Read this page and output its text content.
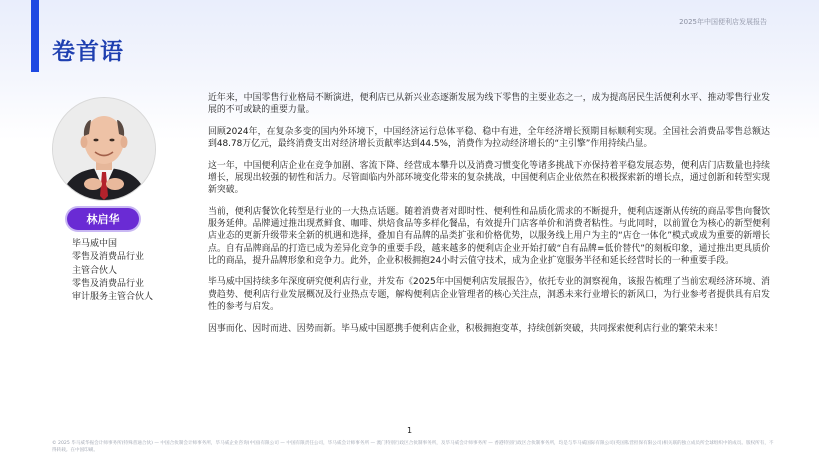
2025年中国便利店发展报告
卷首语
林启华
毕马威中国
零售及消费品行业
主管合伙人
零售及消费品行业
审计服务主管合伙人

近年来，中国零售行业格局不断演进，便利店已从新兴业态逐渐发展为线下零售的主要业态之一，成为提高居民生活便利水平、推动零售行业发展的不可或缺的重要力量。

回顾2024年，在复杂多变的国内外环境下，中国经济运行总体平稳、稳中有进，全年经济增长预期目标顺利实现。全国社会消费品零售总额达到48.78万亿元，最终消费支出对经济增长贡献率达到44.5%，消费作为拉动经济增长的“主引擎”作用持续凸显。

这一年，中国便利店企业在竞争加剧、客流下降、经营成本攀升以及消费习惯变化等诸多挑战下亦保持着平稳发展态势，便利店门店数量也持续增长，展现出较强的韧性和活力。尽管面临内外部环境变化带来的复杂挑战，中国便利店企业依然在积极探索新的增长点，通过创新和转型实现新突破。

当前，便利店餐饮化转型是行业的一大热点话题。随着消费者对即时性、便利性和品质化需求的不断提升，便利店逐渐从传统的商品零售向餐饮服务延伸。品牌通过推出现煮鲜食、咖啡、烘焙食品等多样化餐品，有效提升门店客单价和消费者粘性。与此同时，以前置仓为核心的新型便利店业态的更新升级带来全新的机遇和选择，叠加自有品牌的品类扩张和价格优势，以服务线上用户为主的“店仓一体化”模式或成为重要的新增长点。自有品牌商品的打造已成为差异化竞争的重要手段，越来越多的便利店企业开始打破“自有品牌=低价替代”的刻板印象，通过推出更具质价比的商品，提升品牌形象和竞争力。此外，企业积极拥抱24小时云值守技术，成为企业扩宽服务半径和延长经营时长的一种重要手段。

毕马威中国持续多年深度研究便利店行业，并发布《2025年中国便利店发展报告》，依托专业的洞察视角，该报告梳理了当前宏观经济环境、消费趋势、便利店行业发展概况及行业热点专题，解构便利店企业管理者的核心关注点，洞悉未来行业增长的新风口，为行业参考者提供具有启发性的参考与启发。

因事而化、因时而进、因势而新。毕马威中国愿携手便利店企业，积极拥抱变革，持续创新突破，共同探索便利店行业的繁荣未来！

1
© 2025 毕马威华振会计师事务所(特殊普通合伙) — 中国合伙制会计师事务所，毕马威企业咨询(中国)有限公司 — 中国有限责任公司，毕马威会计师事务所 — 澳门特别行政区合伙制事务所，及毕马威会计师事务所 — 香港特别行政区合伙制事务所，均是与毕马威国际有限公司(英国私营担保有限公司)相关联的独立成员所全球组织中的成员。版权所有，不得转载。在中国印刷。
